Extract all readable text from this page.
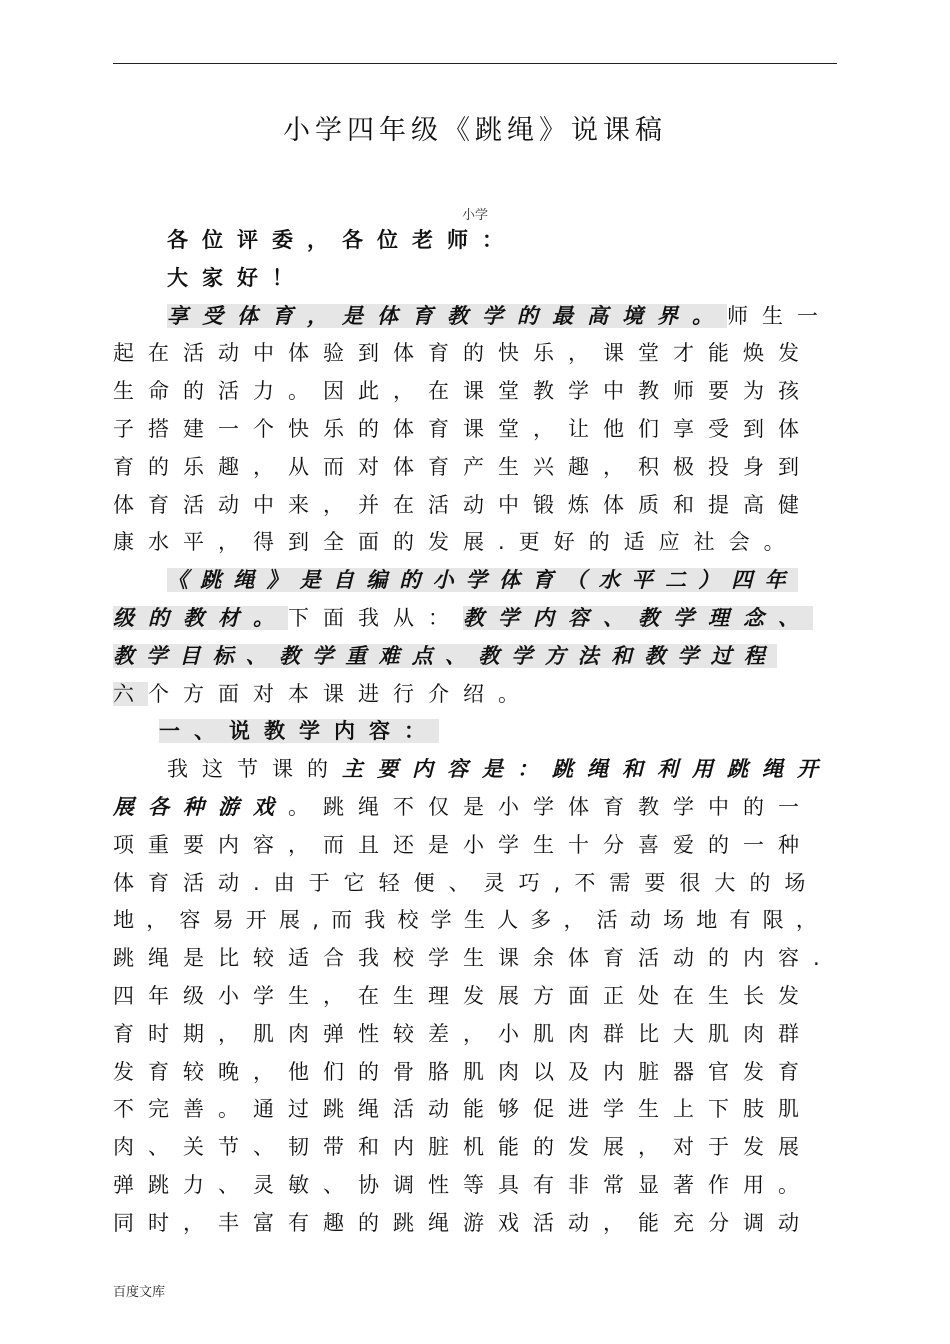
小学四年级《跳绳》说课稿
小学
各位评委，各位老师：
大家好！
享受体育，是体育教学的最高境界。师生一
起在活动中体验到体育的快乐，课堂才能焕发
生命的活力。因此，在课堂教学中教师要为孩
子搭建一个快乐的体育课堂，让他们享受到体
育的乐趣，从而对体育产生兴趣，积极投身到
体育活动中来，并在活动中锻炼体质和提高健
康水平，得到全面的发展.更好的适应社会。
《跳绳》是自编的小学体育（水平二）四年
级的教材。下面我从：教学内容、教学理念、
教学目标、教学重难点、教学方法和教学过程
六个方面对本课进行介绍。
一、说教学内容：
我这节课的主要内容是：跳绳和利用跳绳开
展各种游戏。跳绳不仅是小学体育教学中的一
项重要内容，而且还是小学生十分喜爱的一种
体育活动.由于它轻便、灵巧,不需要很大的场
地，容易开展,而我校学生人多，活动场地有限，
跳绳是比较适合我校学生课余体育活动的内容.
四年级小学生，在生理发展方面正处在生长发
育时期，肌肉弹性较差，小肌肉群比大肌肉群
发育较晚，他们的骨胳肌肉以及内脏器官发育
不完善。通过跳绳活动能够促进学生上下肢肌
肉、关节、韧带和内脏机能的发展，对于发展
弹跳力、灵敏、协调性等具有非常显著作用。
同时，丰富有趣的跳绳游戏活动，能充分调动
百度文库
